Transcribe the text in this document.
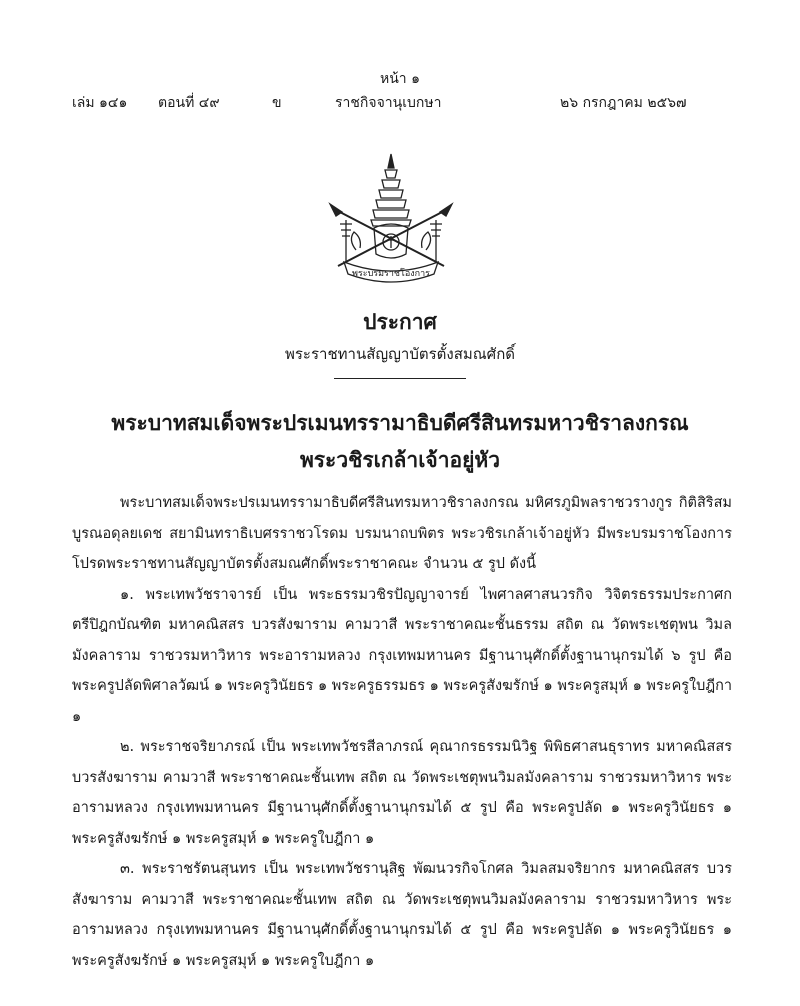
หน้า ๑
เล่ม ๑๔๑ ตอนที่ ๔๙	ข	ราชกิจจานุเบกษา	๒๖ กรกฎาคม ๒๕๖๗
พระบรมราชโองการ
ประกาศ
พระราชทานสัญญาบัตรตั้งสมณศักดิ์
พระบาทสมเด็จพระปรเมนทรรามาธิบดีศรีสินทรมหาวชิราลงกรณ
พระวชิรเกล้าเจ้าอยู่หัว

พระบาทสมเด็จพระปรเมนทรรามาธิบดีศรีสินทรมหาวชิราลงกรณ มหิศรภูมิพลราชวรางกูร กิติสิริสมบูรณอดุลยเดช สยามินทราธิเบศรราชวโรดม บรมนาถบพิตร พระวชิรเกล้าเจ้าอยู่หัว มีพระบรมราชโองการโปรดพระราชทานสัญญาบัตรตั้งสมณศักดิ์พระราชาคณะ จำนวน ๕ รูป ดังนี้

๑. พระเทพวัชราจารย์ เป็น พระธรรมวชิรปัญญาจารย์ ไพศาลศาสนวรกิจ วิจิตรธรรมประกาศก ตรีปิฎกบัณฑิต มหาคณิสสร บวรสังฆาราม คามวาสี พระราชาคณะชั้นธรรม สถิต ณ วัดพระเชตุพน วิมลมังคลาราม ราชวรมหาวิหาร พระอารามหลวง กรุงเทพมหานคร มีฐานานุศักดิ์ตั้งฐานานุกรมได้ ๖ รูป คือ พระครูปลัดพิศาลวัฒน์ ๑ พระครูวินัยธร ๑ พระครูธรรมธร ๑ พระครูสังฆรักษ์ ๑ พระครูสมุห์ ๑ พระครูใบฎีกา ๑

๒. พระราชจริยาภรณ์ เป็น พระเทพวัชรสีลาภรณ์ คุณากรธรรมนิวิฐ พิพิธศาสนธุราทร มหาคณิสสร บวรสังฆาราม คามวาสี พระราชาคณะชั้นเทพ สถิต ณ วัดพระเชตุพนวิมลมังคลาราม ราชวรมหาวิหาร พระอารามหลวง กรุงเทพมหานคร มีฐานานุศักดิ์ตั้งฐานานุกรมได้ ๕ รูป คือ พระครูปลัด ๑ พระครูวินัยธร ๑ พระครูสังฆรักษ์ ๑ พระครูสมุห์ ๑ พระครูใบฎีกา ๑

๓. พระราชรัตนสุนทร เป็น พระเทพวัชรานุสิฐ พัฒนวรกิจโกศล วิมลสมจริยากร มหาคณิสสร บวรสังฆาราม คามวาสี พระราชาคณะชั้นเทพ สถิต ณ วัดพระเชตุพนวิมลมังคลาราม ราชวรมหาวิหาร พระอารามหลวง กรุงเทพมหานคร มีฐานานุศักดิ์ตั้งฐานานุกรมได้ ๕ รูป คือ พระครูปลัด ๑ พระครูวินัยธร ๑ พระครูสังฆรักษ์ ๑ พระครูสมุห์ ๑ พระครูใบฎีกา ๑
